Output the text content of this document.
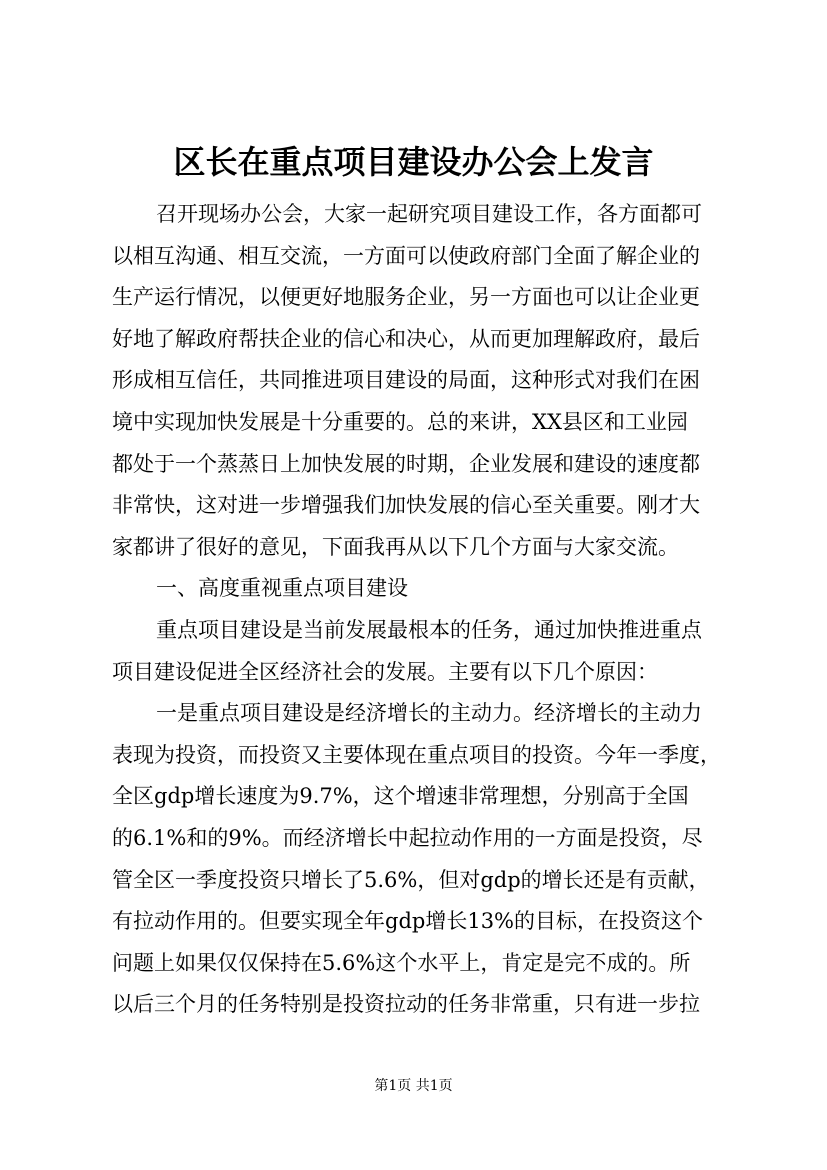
区长在重点项目建设办公会上发言
召开现场办公会，大家一起研究项目建设工作，各方面都可
以相互沟通、相互交流，一方面可以使政府部门全面了解企业的
生产运行情况，以便更好地服务企业，另一方面也可以让企业更
好地了解政府帮扶企业的信心和决心，从而更加理解政府，最后
形成相互信任，共同推进项目建设的局面，这种形式对我们在困
境中实现加快发展是十分重要的。总的来讲，XX县区和工业园
都处于一个蒸蒸日上加快发展的时期，企业发展和建设的速度都
非常快，这对进一步增强我们加快发展的信心至关重要。刚才大
家都讲了很好的意见，下面我再从以下几个方面与大家交流。
一、高度重视重点项目建设
重点项目建设是当前发展最根本的任务，通过加快推进重点
项目建设促进全区经济社会的发展。主要有以下几个原因：
一是重点项目建设是经济增长的主动力。经济增长的主动力
表现为投资，而投资又主要体现在重点项目的投资。今年一季度，
全区gdp增长速度为9.7%，这个增速非常理想，分别高于全国
的6.1%和的9%。而经济增长中起拉动作用的一方面是投资，尽
管全区一季度投资只增长了5.6%，但对gdp的增长还是有贡献，
有拉动作用的。但要实现全年gdp增长13%的目标，在投资这个
问题上如果仅仅保持在5.6%这个水平上，肯定是完不成的。所
以后三个月的任务特别是投资拉动的任务非常重，只有进一步拉
第1页 共1页
